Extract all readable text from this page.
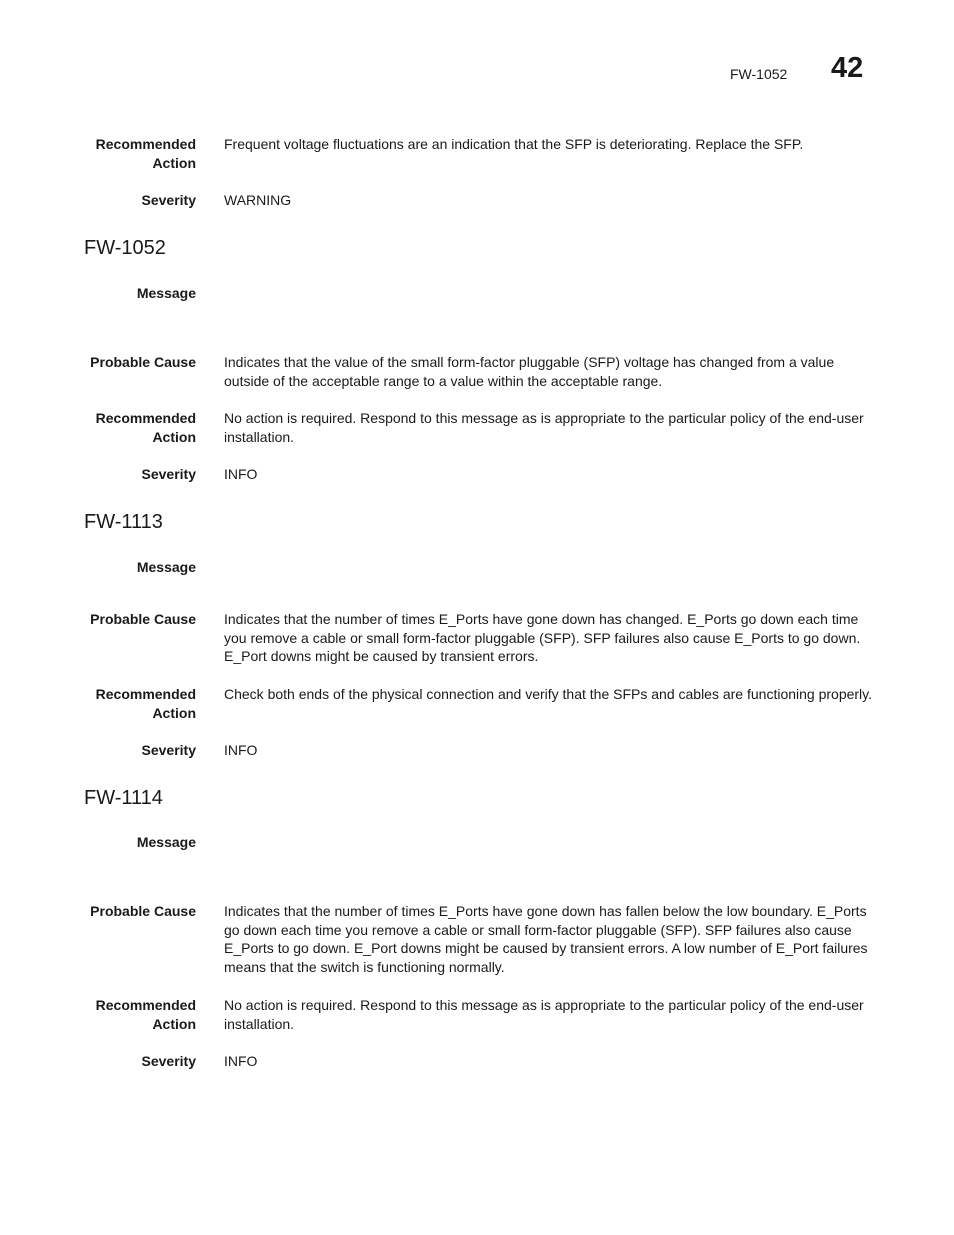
FW-1052 42
Recommended
Action
Frequent voltage fluctuations are an indication that the SFP is deteriorating. Replace the SFP.
Severity WARNING
FW-1052
Message
Probable Cause Indicates that the value of the small form-factor pluggable (SFP) voltage has changed from a value outside of the acceptable range to a value within the acceptable range.
Recommended
Action
No action is required. Respond to this message as is appropriate to the particular policy of the end-user installation.
Severity INFO
FW-1113
Message
Probable Cause Indicates that the number of times E_Ports have gone down has changed. E_Ports go down each time you remove a cable or small form-factor pluggable (SFP). SFP failures also cause E_Ports to go down. E_Port downs might be caused by transient errors.
Recommended
Action
Check both ends of the physical connection and verify that the SFPs and cables are functioning properly.
Severity INFO
FW-1114
Message
Probable Cause Indicates that the number of times E_Ports have gone down has fallen below the low boundary. E_Ports go down each time you remove a cable or small form-factor pluggable (SFP). SFP failures also cause E_Ports to go down. E_Port downs might be caused by transient errors. A low number of E_Port failures means that the switch is functioning normally.
Recommended
Action
No action is required. Respond to this message as is appropriate to the particular policy of the end-user installation.
Severity INFO
